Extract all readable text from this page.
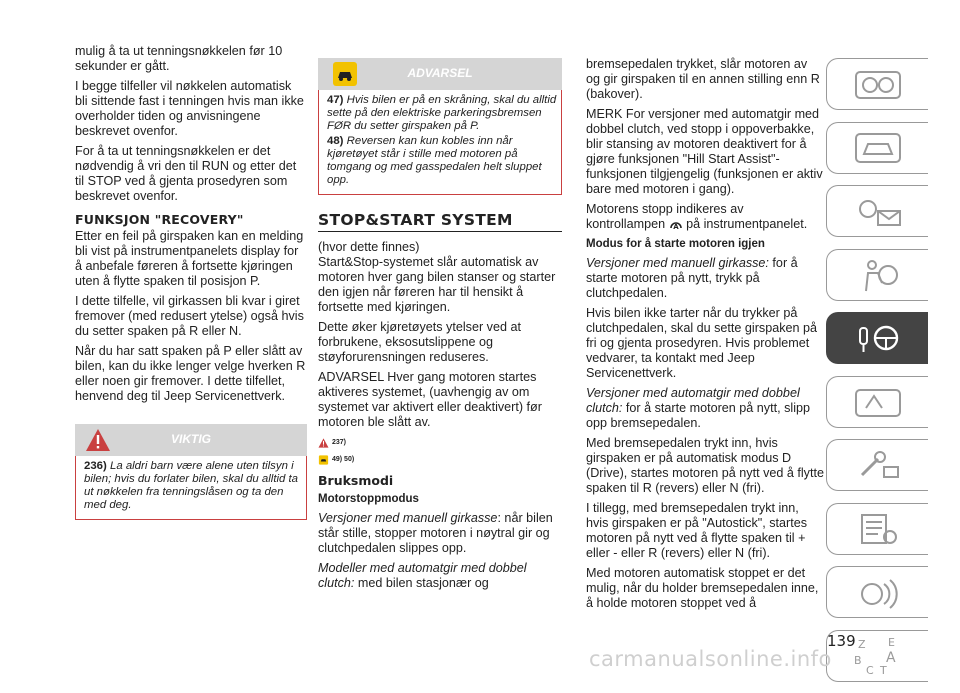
mulig å ta ut tenningsnøkkelen før 10 sekunder er gått.

I begge tilfeller vil nøkkelen automatisk bli sittende fast i tenningen hvis man ikke overholder tiden og anvisningene beskrevet ovenfor.

For å ta ut tenningsnøkkelen er det nødvendig å vri den til RUN og etter det til STOP ved å gjenta prosedyren som beskrevet ovenfor.

FUNKSJON "RECOVERY"

Etter en feil på girspaken kan en melding bli vist på instrumentpanelets display for å anbefale føreren å fortsette kjøringen uten å flytte spaken til posisjon P.

I dette tilfelle, vil girkassen bli kvar i giret fremover (med redusert ytelse) også hvis du setter spaken på R eller N.

Når du har satt spaken på P eller slått av bilen, kan du ikke lenger velge hverken R eller noen gir fremover. I dette tilfellet, henvend deg til Jeep Servicenettverk.

VIKTIG

236) La aldri barn være alene uten tilsyn i bilen; hvis du forlater bilen, skal du alltid ta ut nøkkelen fra tenningslåsen og ta den med deg.

ADVARSEL

47) Hvis bilen er på en skråning, skal du alltid sette på den elektriske parkeringsbremsen FØR du setter girspaken på P.

48) Reversen kan kun kobles inn når kjøretøyet står i stille med motoren på tomgang og med gasspedalen helt sluppet opp.

STOP&START SYSTEM

(hvor dette finnes)

Start&Stop-systemet slår automatisk av motoren hver gang bilen stanser og starter den igjen når føreren har til hensikt å fortsette med kjøringen.

Dette øker kjøretøyets ytelser ved at forbrukene, eksosutslippene og støyforurensningen reduseres.

ADVARSEL Hver gang motoren startes aktiveres systemet, (uavhengig av om systemet var aktivert eller deaktivert) før motoren ble slått av.

237)
49) 50)
Bruksmodi
Motorstoppmodus

Versjoner med manuell girkasse: når bilen står stille, stopper motoren i nøytral gir og clutchpedalen slippes opp.

Modeller med automatgir med dobbel clutch: med bilen stasjonær og

bremsepedalen trykket, slår motoren av og gir girspaken til en annen stilling enn R (bakover).

MERK For versjoner med automatgir med dobbel clutch, ved stopp i oppoverbakke, blir stansing av motoren deaktivert for å gjøre funksjonen "Hill Start Assist"- funksjonen tilgjengelig (funksjonen er aktiv bare med motoren i gang).

Motorens stopp indikeres av kontrollampen A på instrumentpanelet.

Modus for å starte motoren igjen

Versjoner med manuell girkasse: for å starte motoren på nytt, trykk på clutchpedalen.

Hvis bilen ikke tarter når du trykker på clutchpedalen, skal du sette girspaken på fri og gjenta prosedyren. Hvis problemet vedvarer, ta kontakt med Jeep Servicenettverk.

Versjoner med automatgir med dobbel clutch: for å starte motoren på nytt, slipp opp bremsepedalen.

Med bremsepedalen trykt inn, hvis girspaken er på automatisk modus D (Drive), startes motoren på nytt ved å flytte spaken til R (revers) eller N (fri).

I tillegg, med bremsepedalen trykt inn, hvis girspaken er på "Autostick", startes motoren på nytt ved å flytte spaken til + eller - eller R (revers) eller N (fri).

Med motoren automatisk stoppet er det mulig, når du holder bremsepedalen inne, å holde motoren stoppet ved å

Z E
B A
C T
139
carmanualsonline.info
